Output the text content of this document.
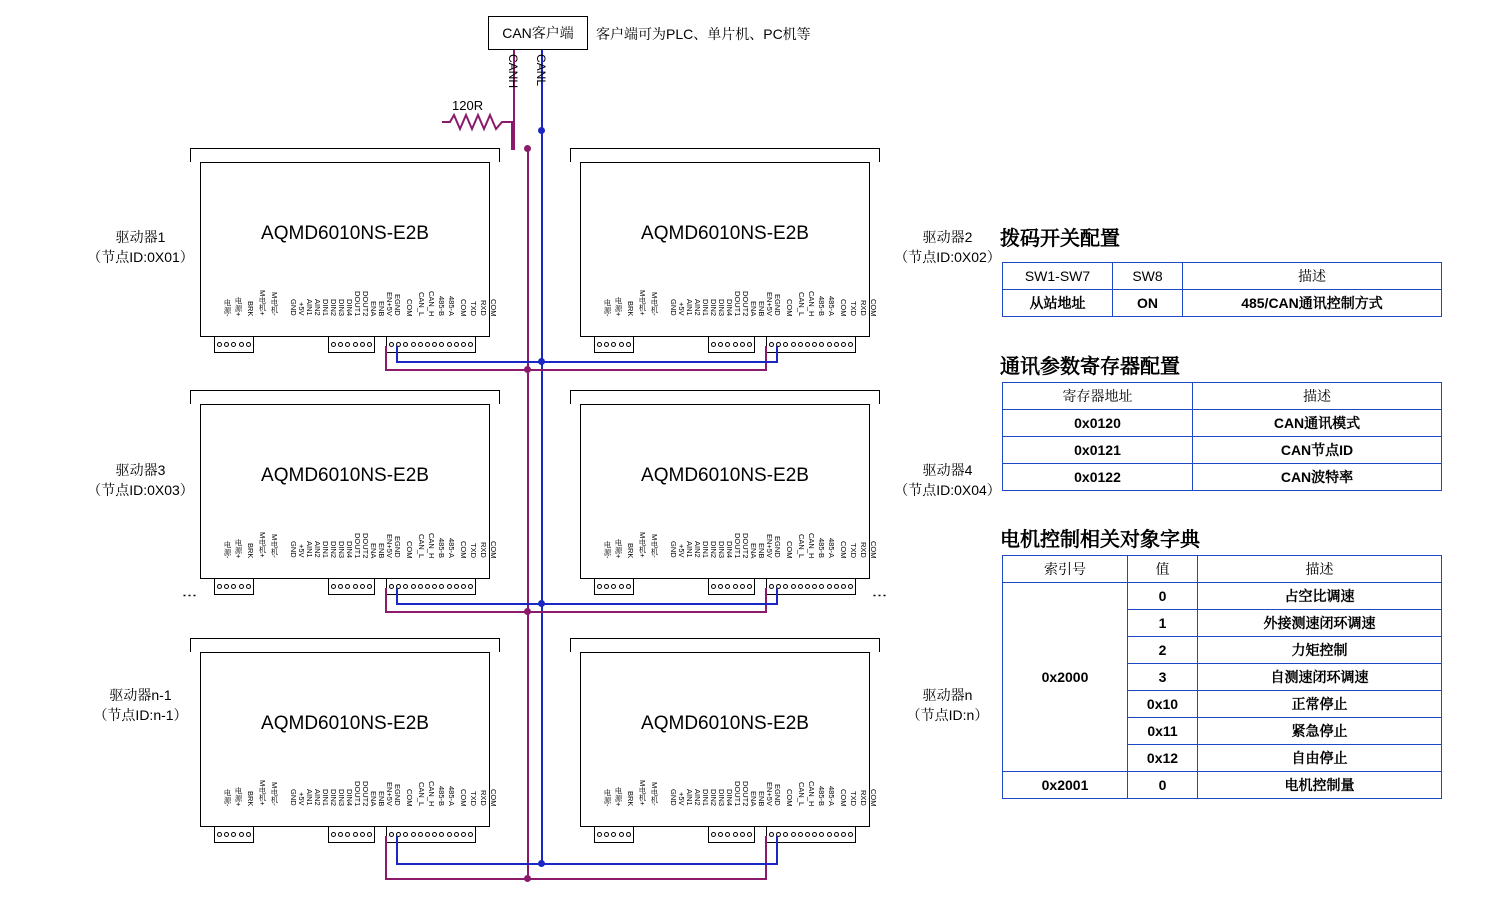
CAN客户端 客户端可为PLC、单片机、PC机等
CANH CANL
120R
AQMD6010NS-E2B
电源- 电源+ BRK M电机+ M电机- GND +5V AIN1 AIN2 DIN1 DIN2 DIN3 DIN4 DOUT1 DOUT2 ENA ENB EN+5V EGND COM CAN_L CAN_H 485-B 485-A COM TXD RXD COM
AQMD6010NS-E2B
电源- 电源+ BRK M电机+ M电机- GND +5V AIN1 AIN2 DIN1 DIN2 DIN3 DIN4 DOUT1 DOUT2 ENA ENB EN+5V EGND COM CAN_L CAN_H 485-B 485-A COM TXD RXD COM
AQMD6010NS-E2B
电源- 电源+ BRK M电机+ M电机- GND +5V AIN1 AIN2 DIN1 DIN2 DIN3 DIN4 DOUT1 DOUT2 ENA ENB EN+5V EGND COM CAN_L CAN_H 485-B 485-A COM TXD RXD COM
AQMD6010NS-E2B
电源- 电源+ BRK M电机+ M电机- GND +5V AIN1 AIN2 DIN1 DIN2 DIN3 DIN4 DOUT1 DOUT2 ENA ENB EN+5V EGND COM CAN_L CAN_H 485-B 485-A COM TXD RXD COM
AQMD6010NS-E2B
电源- 电源+ BRK M电机+ M电机- GND +5V AIN1 AIN2 DIN1 DIN2 DIN3 DIN4 DOUT1 DOUT2 ENA ENB EN+5V EGND COM CAN_L CAN_H 485-B 485-A COM TXD RXD COM
AQMD6010NS-E2B
电源- 电源+ BRK M电机+ M电机- GND +5V AIN1 AIN2 DIN1 DIN2 DIN3 DIN4 DOUT1 DOUT2 ENA ENB EN+5V EGND COM CAN_L CAN_H 485-B 485-A COM TXD RXD COM
驱动器1
（节点ID:0X01）
驱动器2
（节点ID:0X02）
驱动器3
（节点ID:0X03）
驱动器4
（节点ID:0X04）
驱动器n-1
（节点ID:n-1）
驱动器n
（节点ID:n）
⋮	⋮
拨码开关配置
SW1-SW7	SW8	描述
从站地址	ON	485/CAN通讯控制方式
通讯参数寄存器配置
寄存器地址	描述
0x0120	CAN通讯模式
0x0121	CAN节点ID
0x0122	CAN波特率
电机控制相关对象字典
索引号	值	描述
0x2000	0	占空比调速
	1	外接测速闭环调速
	2	力矩控制
	3	自测速闭环调速
	0x10	正常停止
	0x11	紧急停止
	0x12	自由停止
0x2001	0	电机控制量
